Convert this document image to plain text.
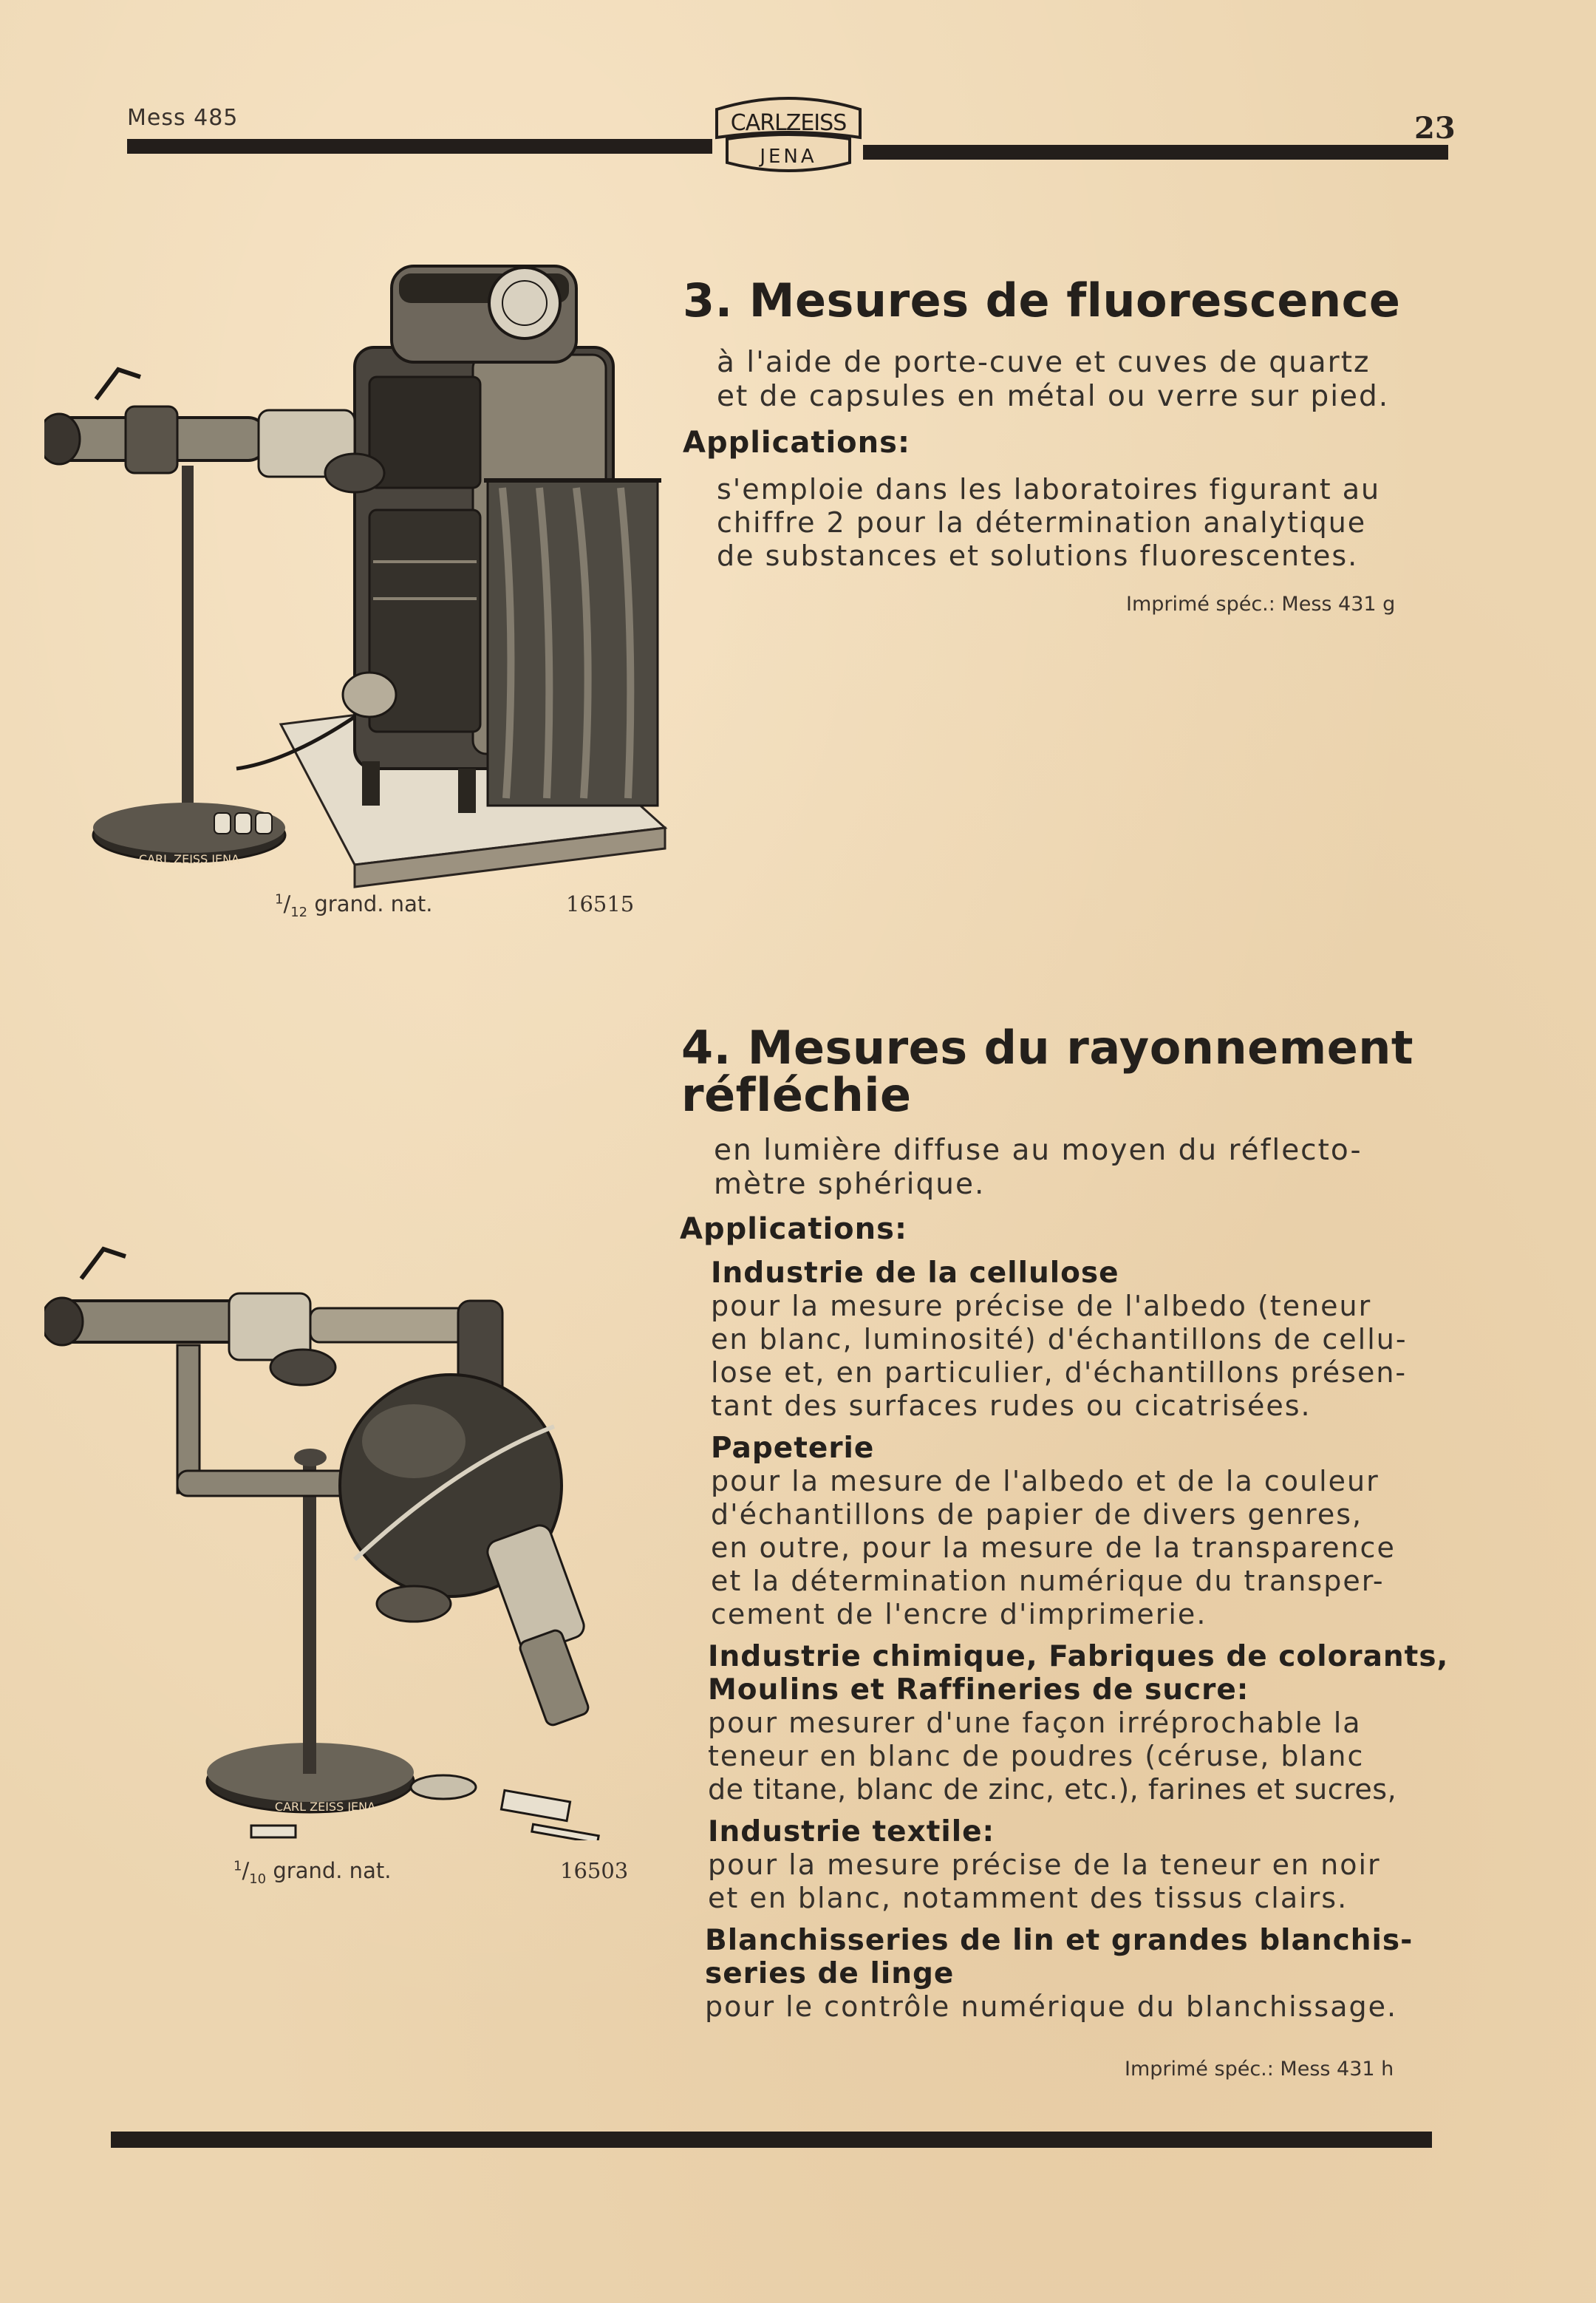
Mess 485	23
CARLZEISS
JENA
CARL ZEISS JENA
$^1/_{12}$ grand. nat.	16515
3. Mesures de fluorescence
à l'aide de porte-cuve et cuves de quartz
et de capsules en métal ou verre sur pied.
Applications:
s'emploie dans les laboratoires figurant au
chiffre 2 pour la détermination analytique
de substances et solutions fluorescentes.
Imprimé spéc.: Mess 431 g
CARL ZEISS JENA
$^1/_{10}$ grand. nat.	16503
4. Mesures du rayonnement
réfléchie
en lumière diffuse au moyen du réflecto-
mètre sphérique.
Applications:
Industrie de la cellulose
pour la mesure précise de l'albedo (teneur
en blanc, luminosité) d'échantillons de cellu-
lose et, en particulier, d'échantillons présen-
tant des surfaces rudes ou cicatrisées.
Papeterie
pour la mesure de l'albedo et de la couleur
d'échantillons de papier de divers genres,
en outre, pour la mesure de la transparence
et la détermination numérique du transper-
cement de l'encre d'imprimerie.
Industrie chimique, Fabriques de colorants,
Moulins et Raffineries de sucre:
pour mesurer d'une façon irréprochable la
teneur en blanc de poudres (céruse, blanc
de titane, blanc de zinc, etc.), farines et sucres,
Industrie textile:
pour la mesure précise de la teneur en noir
et en blanc, notamment des tissus clairs.
Blanchisseries de lin et grandes blanchis-
series de linge
pour le contrôle numérique du blanchissage.
Imprimé spéc.: Mess 431 h
